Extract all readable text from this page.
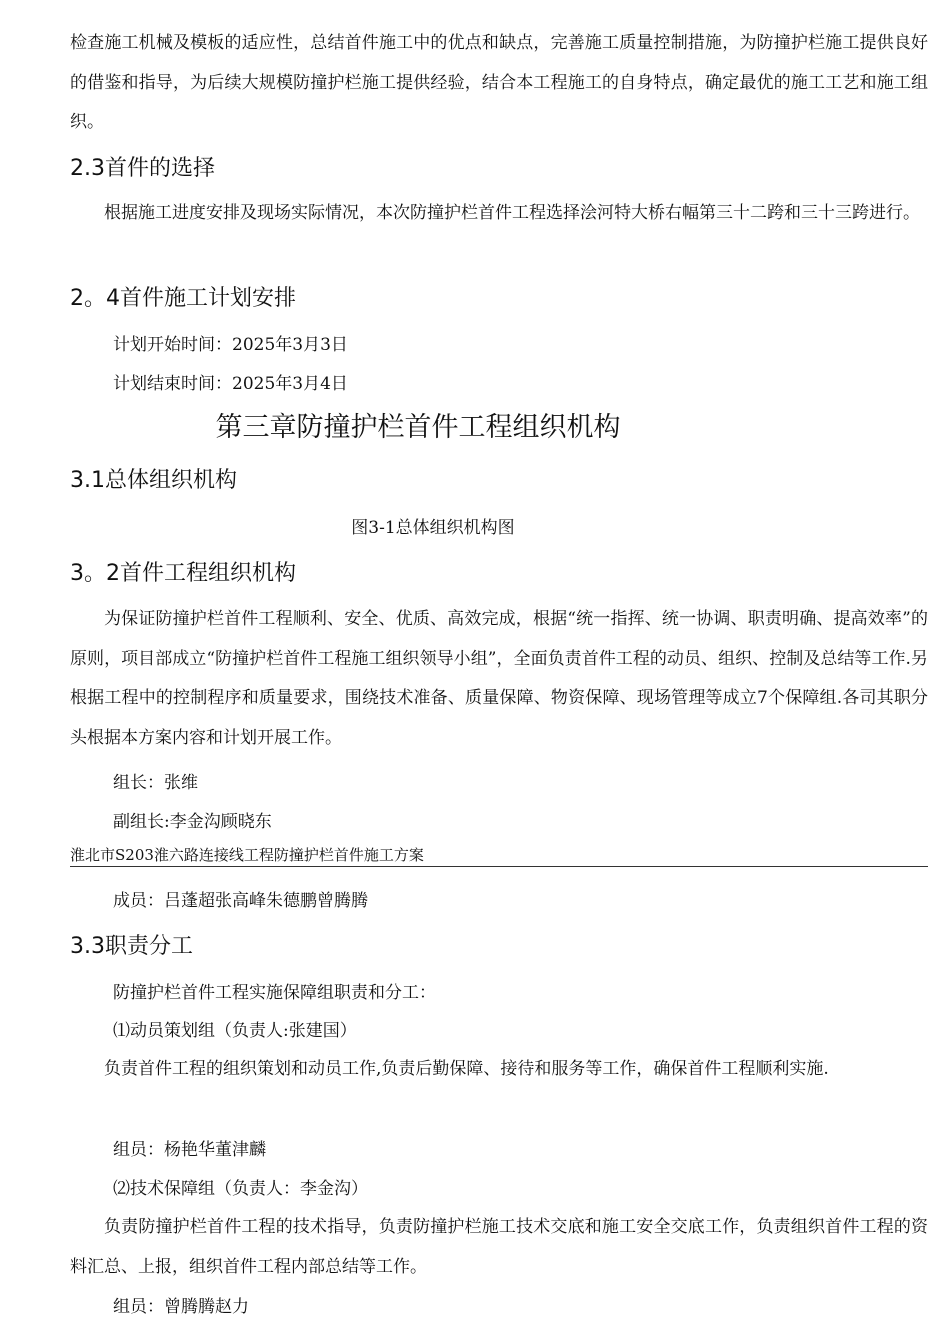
检查施工机械及模板的适应性，总结首件施工中的优点和缺点，完善施工质量控制措施，为防撞护栏施工提供良好的借鉴和指导，为后续大规模防撞护栏施工提供经验，结合本工程施工的自身特点，确定最优的施工工艺和施工组织。

2.3首件的选择

根据施工进度安排及现场实际情况，本次防撞护栏首件工程选择浍河特大桥右幅第三十二跨和三十三跨进行。

2。4首件施工计划安排
计划开始时间：2025年3月3日
计划结束时间：2025年3月4日
第三章防撞护栏首件工程组织机构
3.1总体组织机构
图3-1总体组织机构图
3。2首件工程组织机构

为保证防撞护栏首件工程顺利、安全、优质、高效完成，根据“统一指挥、统一协调、职责明确、提高效率”的原则，项目部成立“防撞护栏首件工程施工组织领导小组”，全面负责首件工程的动员、组织、控制及总结等工作.另根据工程中的控制程序和质量要求，围绕技术准备、质量保障、物资保障、现场管理等成立7个保障组.各司其职分头根据本方案内容和计划开展工作。

组长：张维
副组长:李金沟顾晓东
淮北市S203淮六路连接线工程防撞护栏首件施工方案
成员：吕蓬超张高峰朱德鹏曾腾腾
3.3职责分工
防撞护栏首件工程实施保障组职责和分工：
⑴动员策划组（负责人:张建国）

负责首件工程的组织策划和动员工作,负责后勤保障、接待和服务等工作，确保首件工程顺利实施.

组员：杨艳华董津麟
⑵技术保障组（负责人：李金沟）

负责防撞护栏首件工程的技术指导，负责防撞护栏施工技术交底和施工安全交底工作，负责组织首件工程的资料汇总、上报，组织首件工程内部总结等工作。

组员：曾腾腾赵力
